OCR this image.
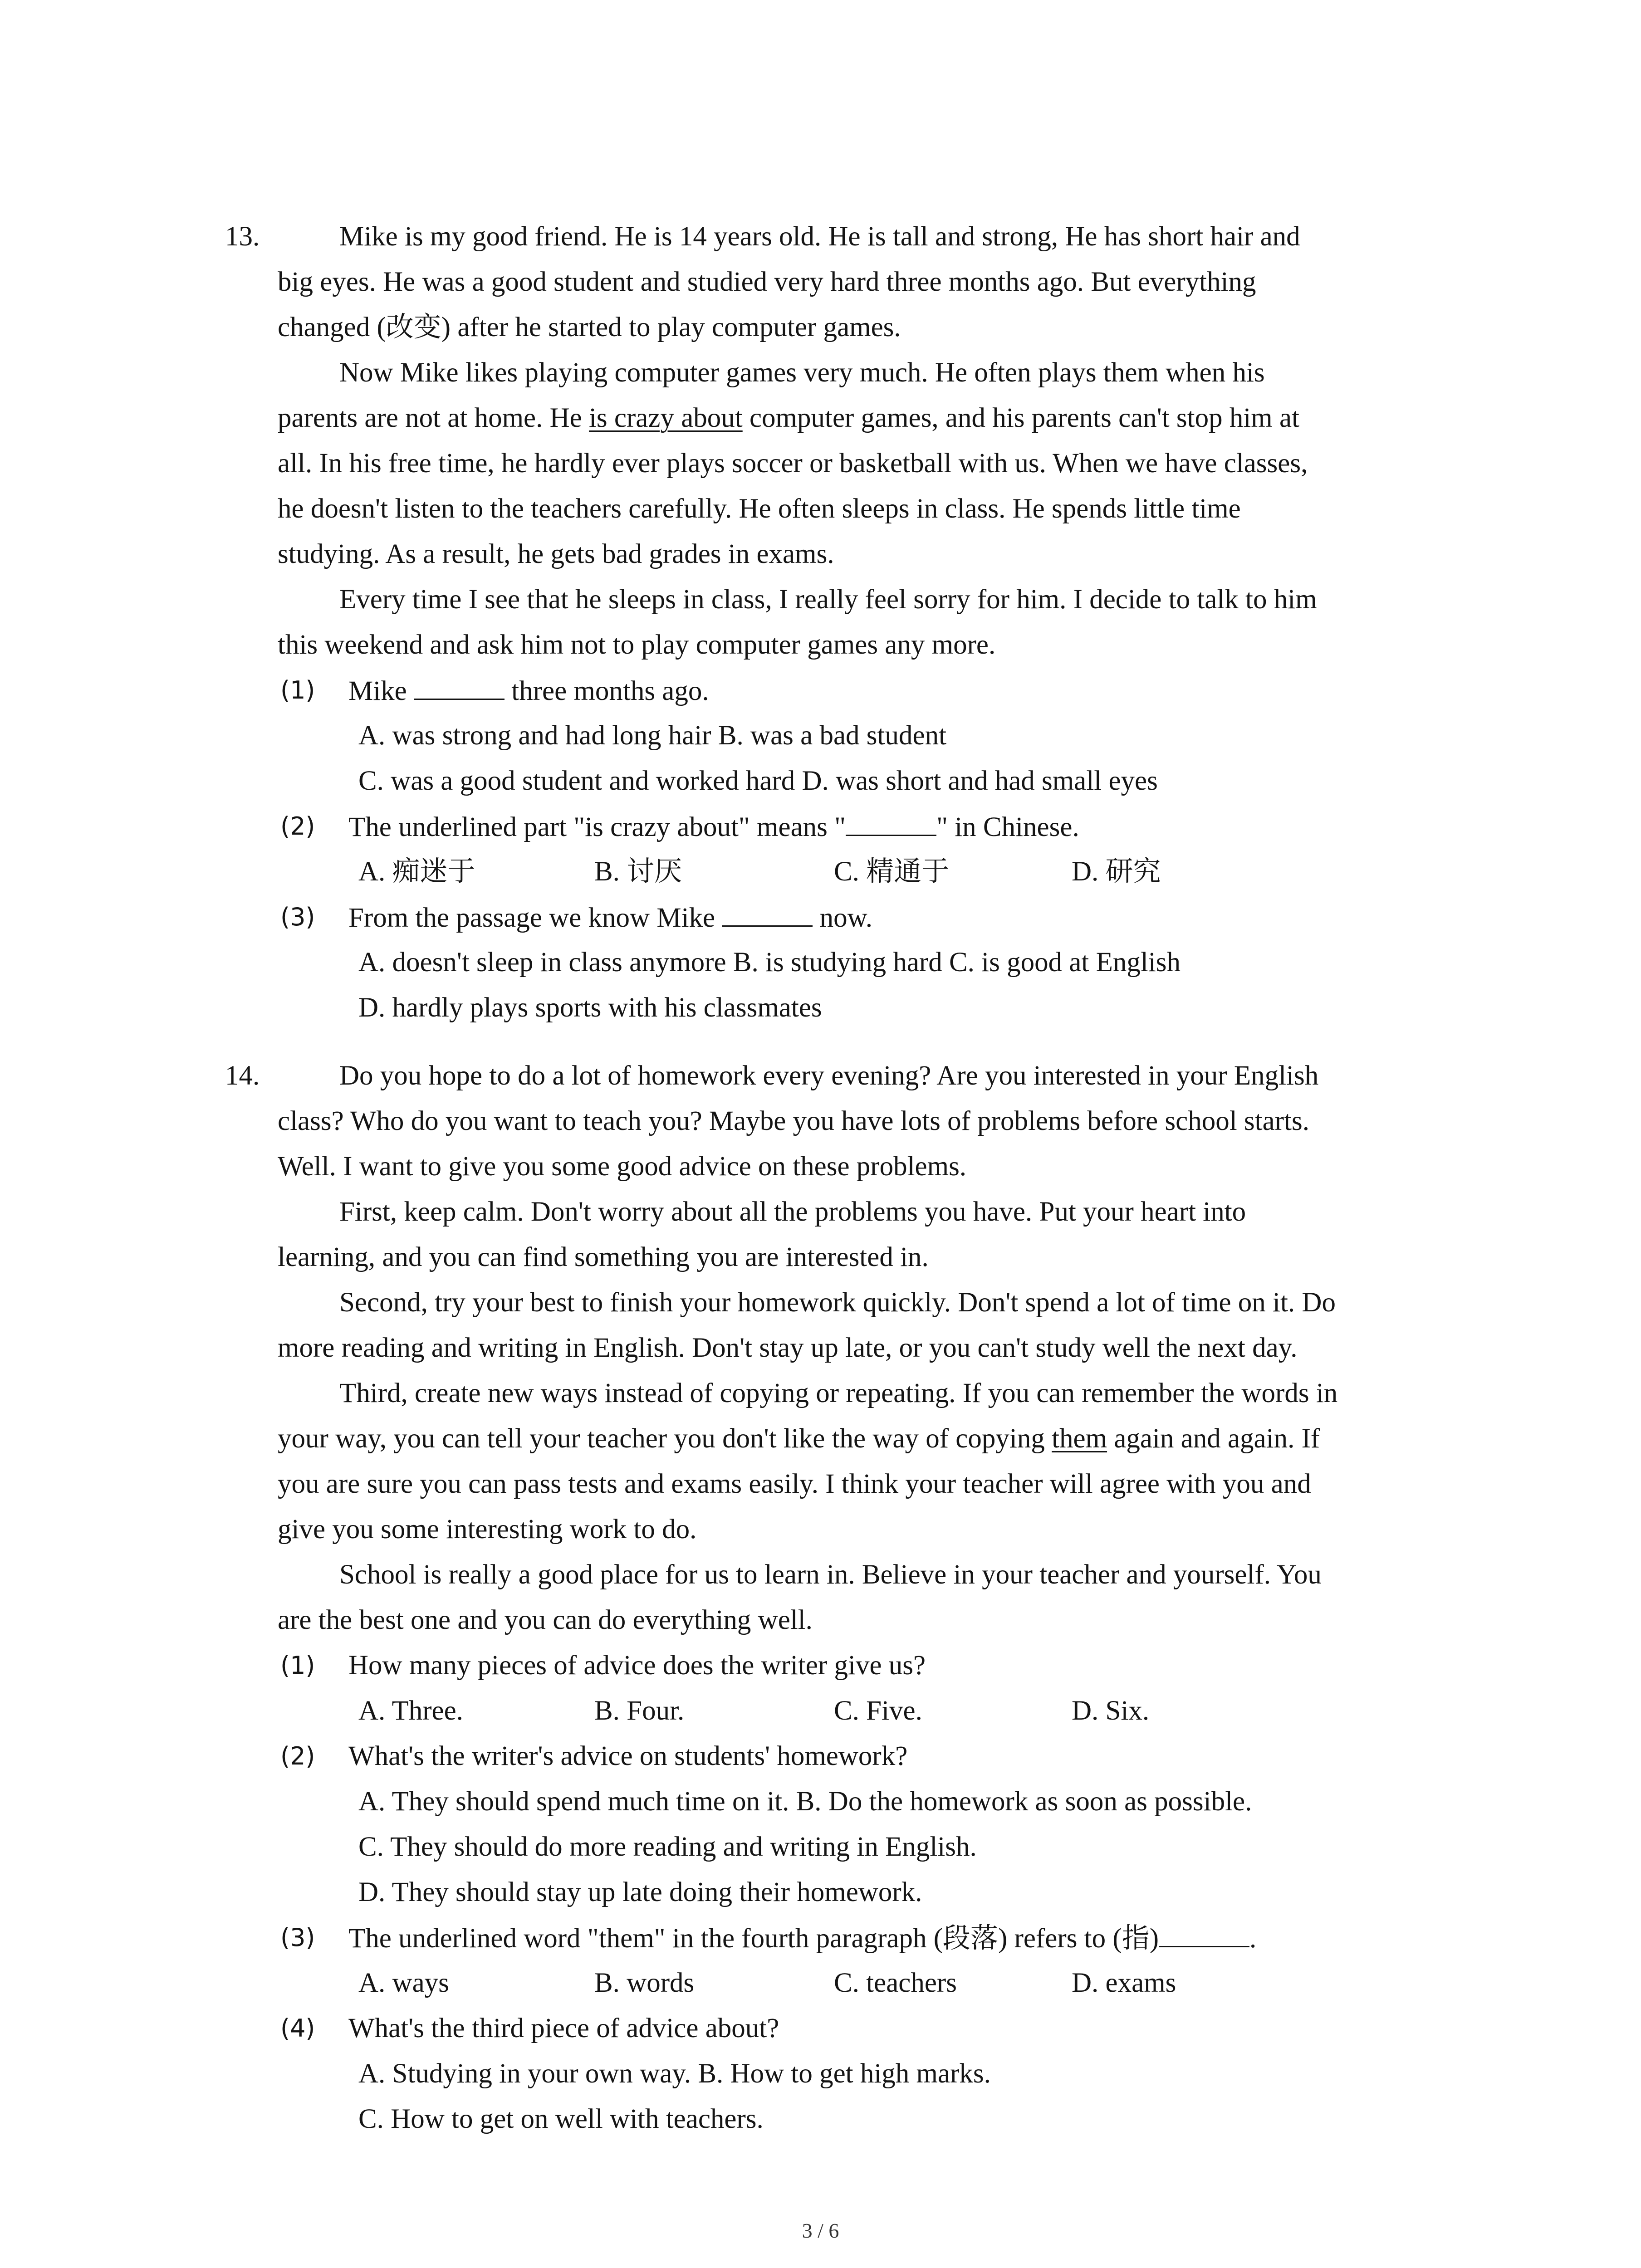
13.	Mike is my good friend. He is 14 years old. He is tall and strong, He has short hair and
big eyes. He was a good student and studied very hard three months ago. But everything
changed (改变) after he started to play computer games.
Now Mike likes playing computer games very much. He often plays them when his
parents are not at home. He is crazy about computer games, and his parents can't stop him at
all. In his free time, he hardly ever plays soccer or basketball with us. When we have classes,
he doesn't listen to the teachers carefully. He often sleeps in class. He spends little time
studying. As a result, he gets bad grades in exams.
Every time I see that he sleeps in class, I really feel sorry for him. I decide to talk to him
this weekend and ask him not to play computer games any more.
(1) Mike	three months ago.
A. was strong and had long hair B. was a bad student
C. was a good student and worked hard D. was short and had small eyes
(2) The underlined part "is crazy about" means "	" in Chinese.
A. 痴迷于	B. 讨厌	C. 精通于	D. 研究
(3) From the passage we know Mike	now.
A. doesn't sleep in class anymore B. is studying hard C. is good at English
D. hardly plays sports with his classmates
14.	Do you hope to do a lot of homework every evening? Are you interested in your English
class? Who do you want to teach you? Maybe you have lots of problems before school starts.
Well. I want to give you some good advice on these problems.
First, keep calm. Don't worry about all the problems you have. Put your heart into
learning, and you can find something you are interested in.
Second, try your best to finish your homework quickly. Don't spend a lot of time on it. Do
more reading and writing in English. Don't stay up late, or you can't study well the next day.
Third, create new ways instead of copying or repeating. If you can remember the words in
your way, you can tell your teacher you don't like the way of copying them again and again. If
you are sure you can pass tests and exams easily. I think your teacher will agree with you and
give you some interesting work to do.
School is really a good place for us to learn in. Believe in your teacher and yourself. You
are the best one and you can do everything well.
(1) How many pieces of advice does the writer give us?
A. Three.	B. Four.	C. Five.	D. Six.
(2) What's the writer's advice on students' homework?
A. They should spend much time on it. B. Do the homework as soon as possible.
C. They should do more reading and writing in English.
D. They should stay up late doing their homework.
(3) The underlined word "them" in the fourth paragraph (段落) refers to (指)	.
A. ways	B. words	C. teachers	D. exams
(4) What's the third piece of advice about?
A. Studying in your own way. B. How to get high marks.
C. How to get on well with teachers.
3 / 6
